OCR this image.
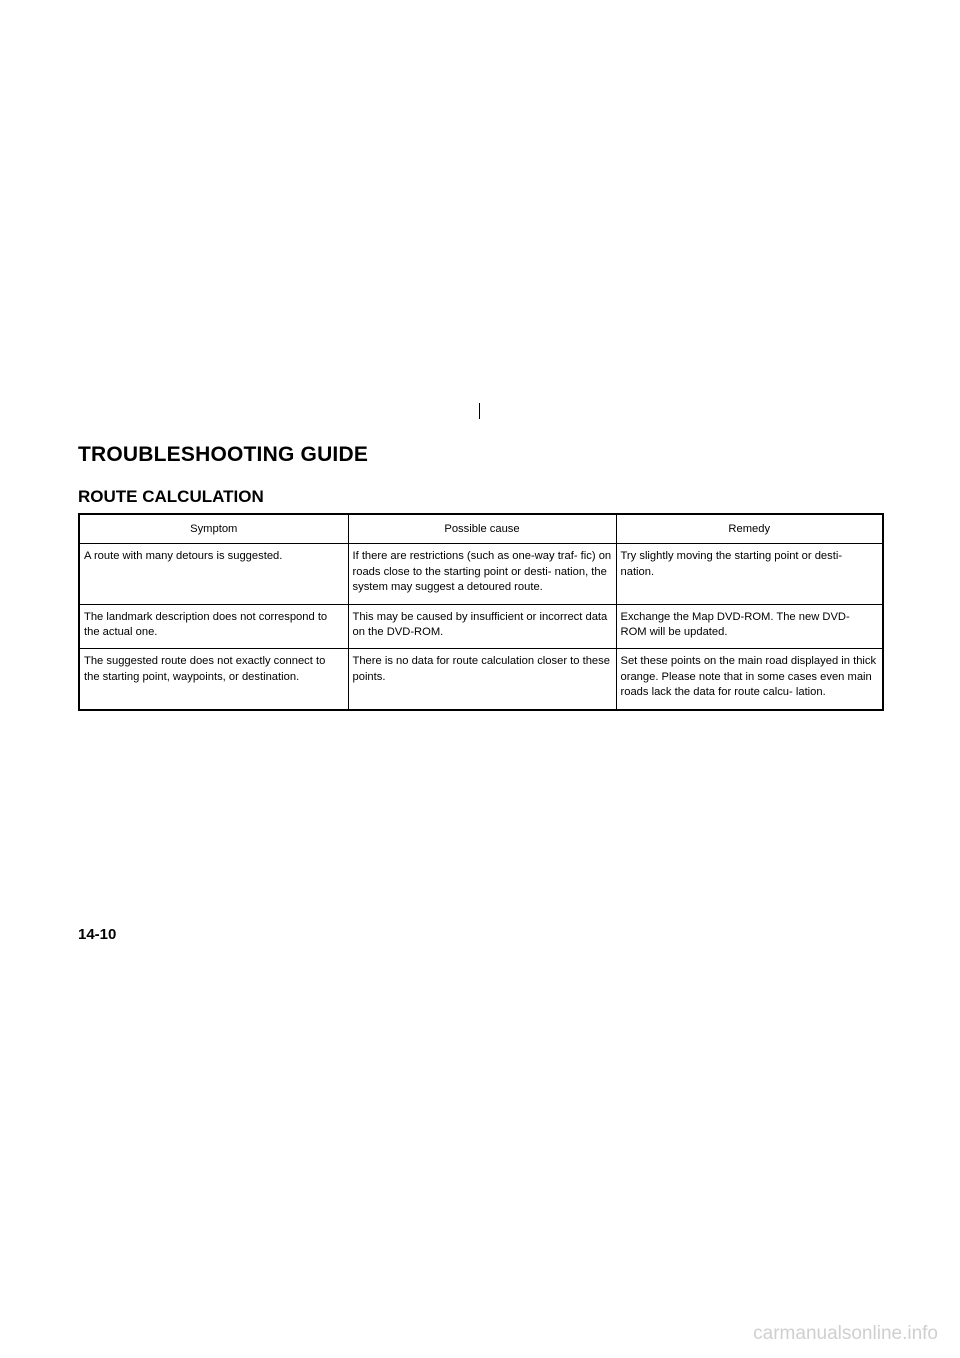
TROUBLESHOOTING GUIDE
ROUTE CALCULATION
Symptom	Possible cause	Remedy
A route with many detours is suggested.	If there are restrictions (such as one-way traf- fic) on roads close to the starting point or desti- nation, the system may suggest a detoured route.	Try slightly moving the starting point or desti- nation.
The landmark description does not correspond to the actual one.	This may be caused by insufficient or incorrect data on the DVD-ROM.	Exchange the Map DVD-ROM. The new DVD- ROM will be updated.
The suggested route does not exactly connect to the starting point, waypoints, or destination.	There is no data for route calculation closer to these points.	Set these points on the main road displayed in thick orange. Please note that in some cases even main roads lack the data for route calcu- lation.
14-10
carmanualsonline.info
